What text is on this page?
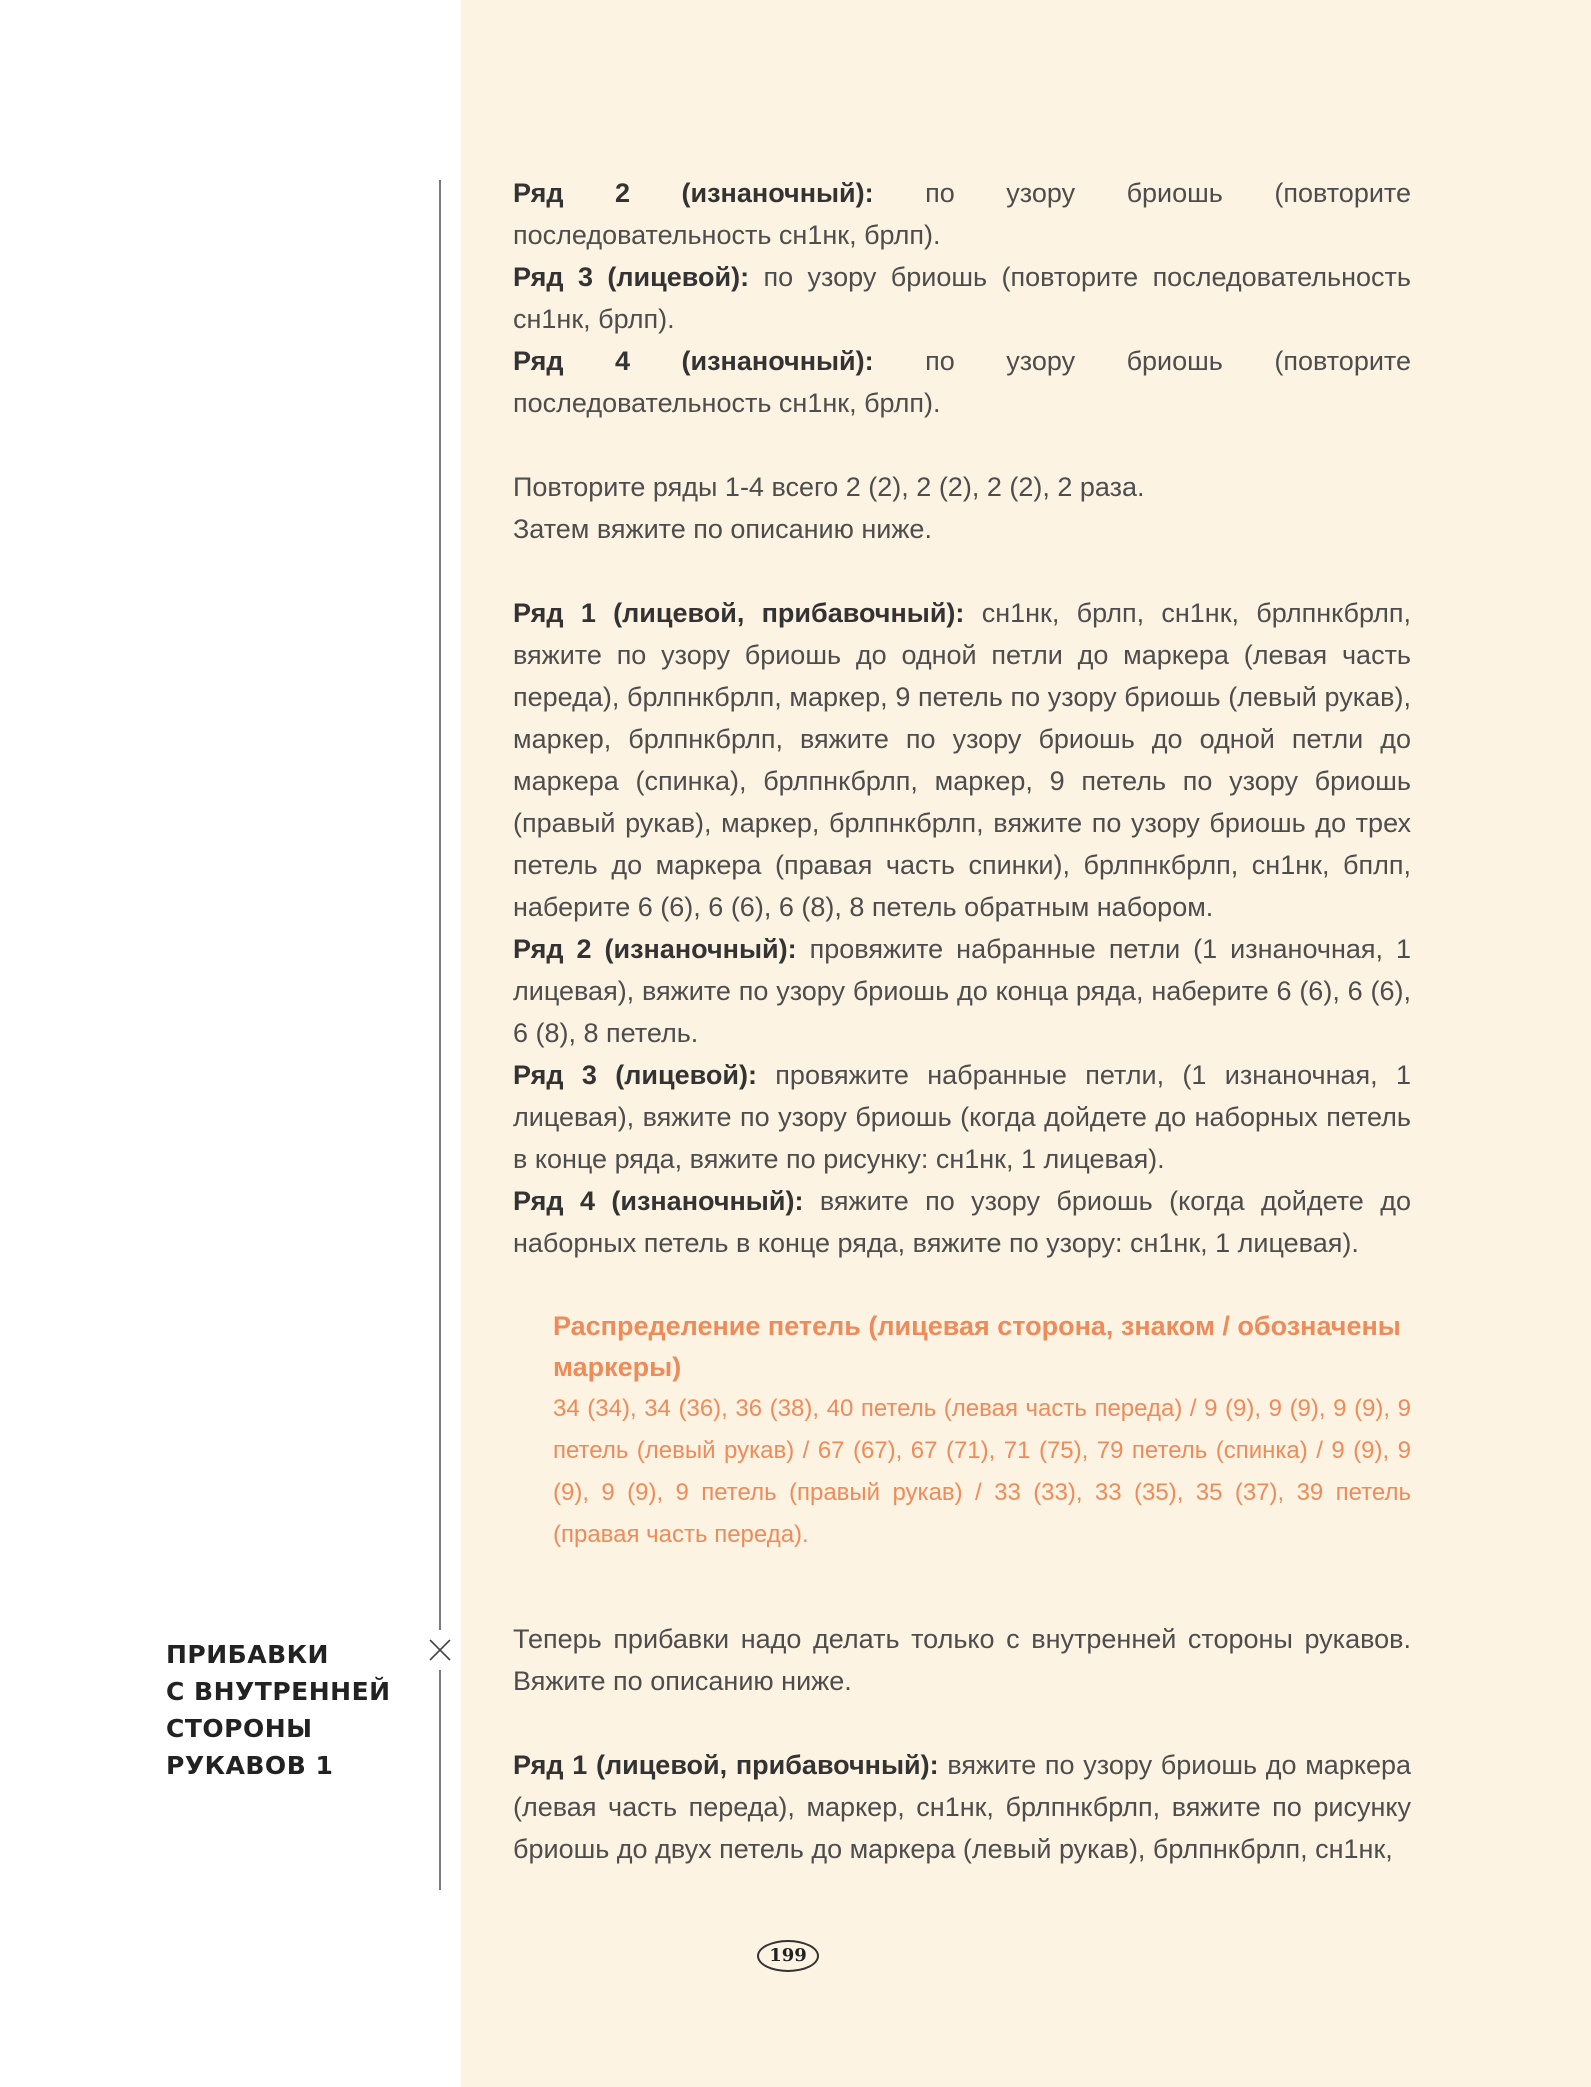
Ряд 2 (изнаночный): по узору бриошь (повторите последовательность сн1нк, брлп).

Ряд 3 (лицевой): по узору бриошь (повторите последовательность сн1нк, брлп).

Ряд 4 (изнаночный): по узору бриошь (повторите последовательность сн1нк, брлп).

Повторите ряды 1-4 всего 2 (2), 2 (2), 2 (2), 2 раза.

Затем вяжите по описанию ниже.

Ряд 1 (лицевой, прибавочный): сн1нк, брлп, сн1нк, брлпнкбрлп, вяжите по узору бриошь до одной петли до маркера (левая часть переда), брлпнкбрлп, маркер, 9 петель по узору бриошь (левый рукав), маркер, брлпнкбрлп, вяжите по узору бриошь до одной петли до маркера (спинка), брлпнкбрлп, маркер, 9 петель по узору бриошь (правый рукав), маркер, брлпнкбрлп, вяжите по узору бриошь до трех петель до маркера (правая часть спинки), брлпнкбрлп, сн1нк, бплп, наберите 6 (6), 6 (6), 6 (8), 8 петель обратным набором.

Ряд 2 (изнаночный): провяжите набранные петли (1 изнаночная, 1 лицевая), вяжите по узору бриошь до конца ряда, наберите 6 (6), 6 (6), 6 (8), 8 петель.

Ряд 3 (лицевой): провяжите набранные петли, (1 изнаночная, 1 лицевая), вяжите по узору бриошь (когда дойдете до наборных петель в конце ряда, вяжите по рисунку: сн1нк, 1 лицевая).

Ряд 4 (изнаночный): вяжите по узору бриошь (когда дойдете до наборных петель в конце ряда, вяжите по узору: сн1нк, 1 лицевая).

Распределение петель (лицевая сторона, знаком / обозначены маркеры)

34 (34), 34 (36), 36 (38), 40 петель (левая часть переда) / 9 (9), 9 (9), 9 (9), 9 петель (левый рукав) / 67 (67), 67 (71), 71 (75), 79 петель (спинка) / 9 (9), 9 (9), 9 (9), 9 петель (правый рукав) / 33 (33), 33 (35), 35 (37), 39 петель (правая часть переда).

Теперь прибавки надо делать только с внутренней стороны рукавов. Вяжите по описанию ниже.

Ряд 1 (лицевой, прибавочный): вяжите по узору бриошь до маркера (левая часть переда), маркер, сн1нк, брлпнкбрлп, вяжите по рисунку бриошь до двух петель до маркера (левый рукав), брлпнкбрлп, сн1нк,

ПРИБАВКИ
С ВНУТРЕННЕЙ
СТОРОНЫ
РУКАВОВ 1
199
